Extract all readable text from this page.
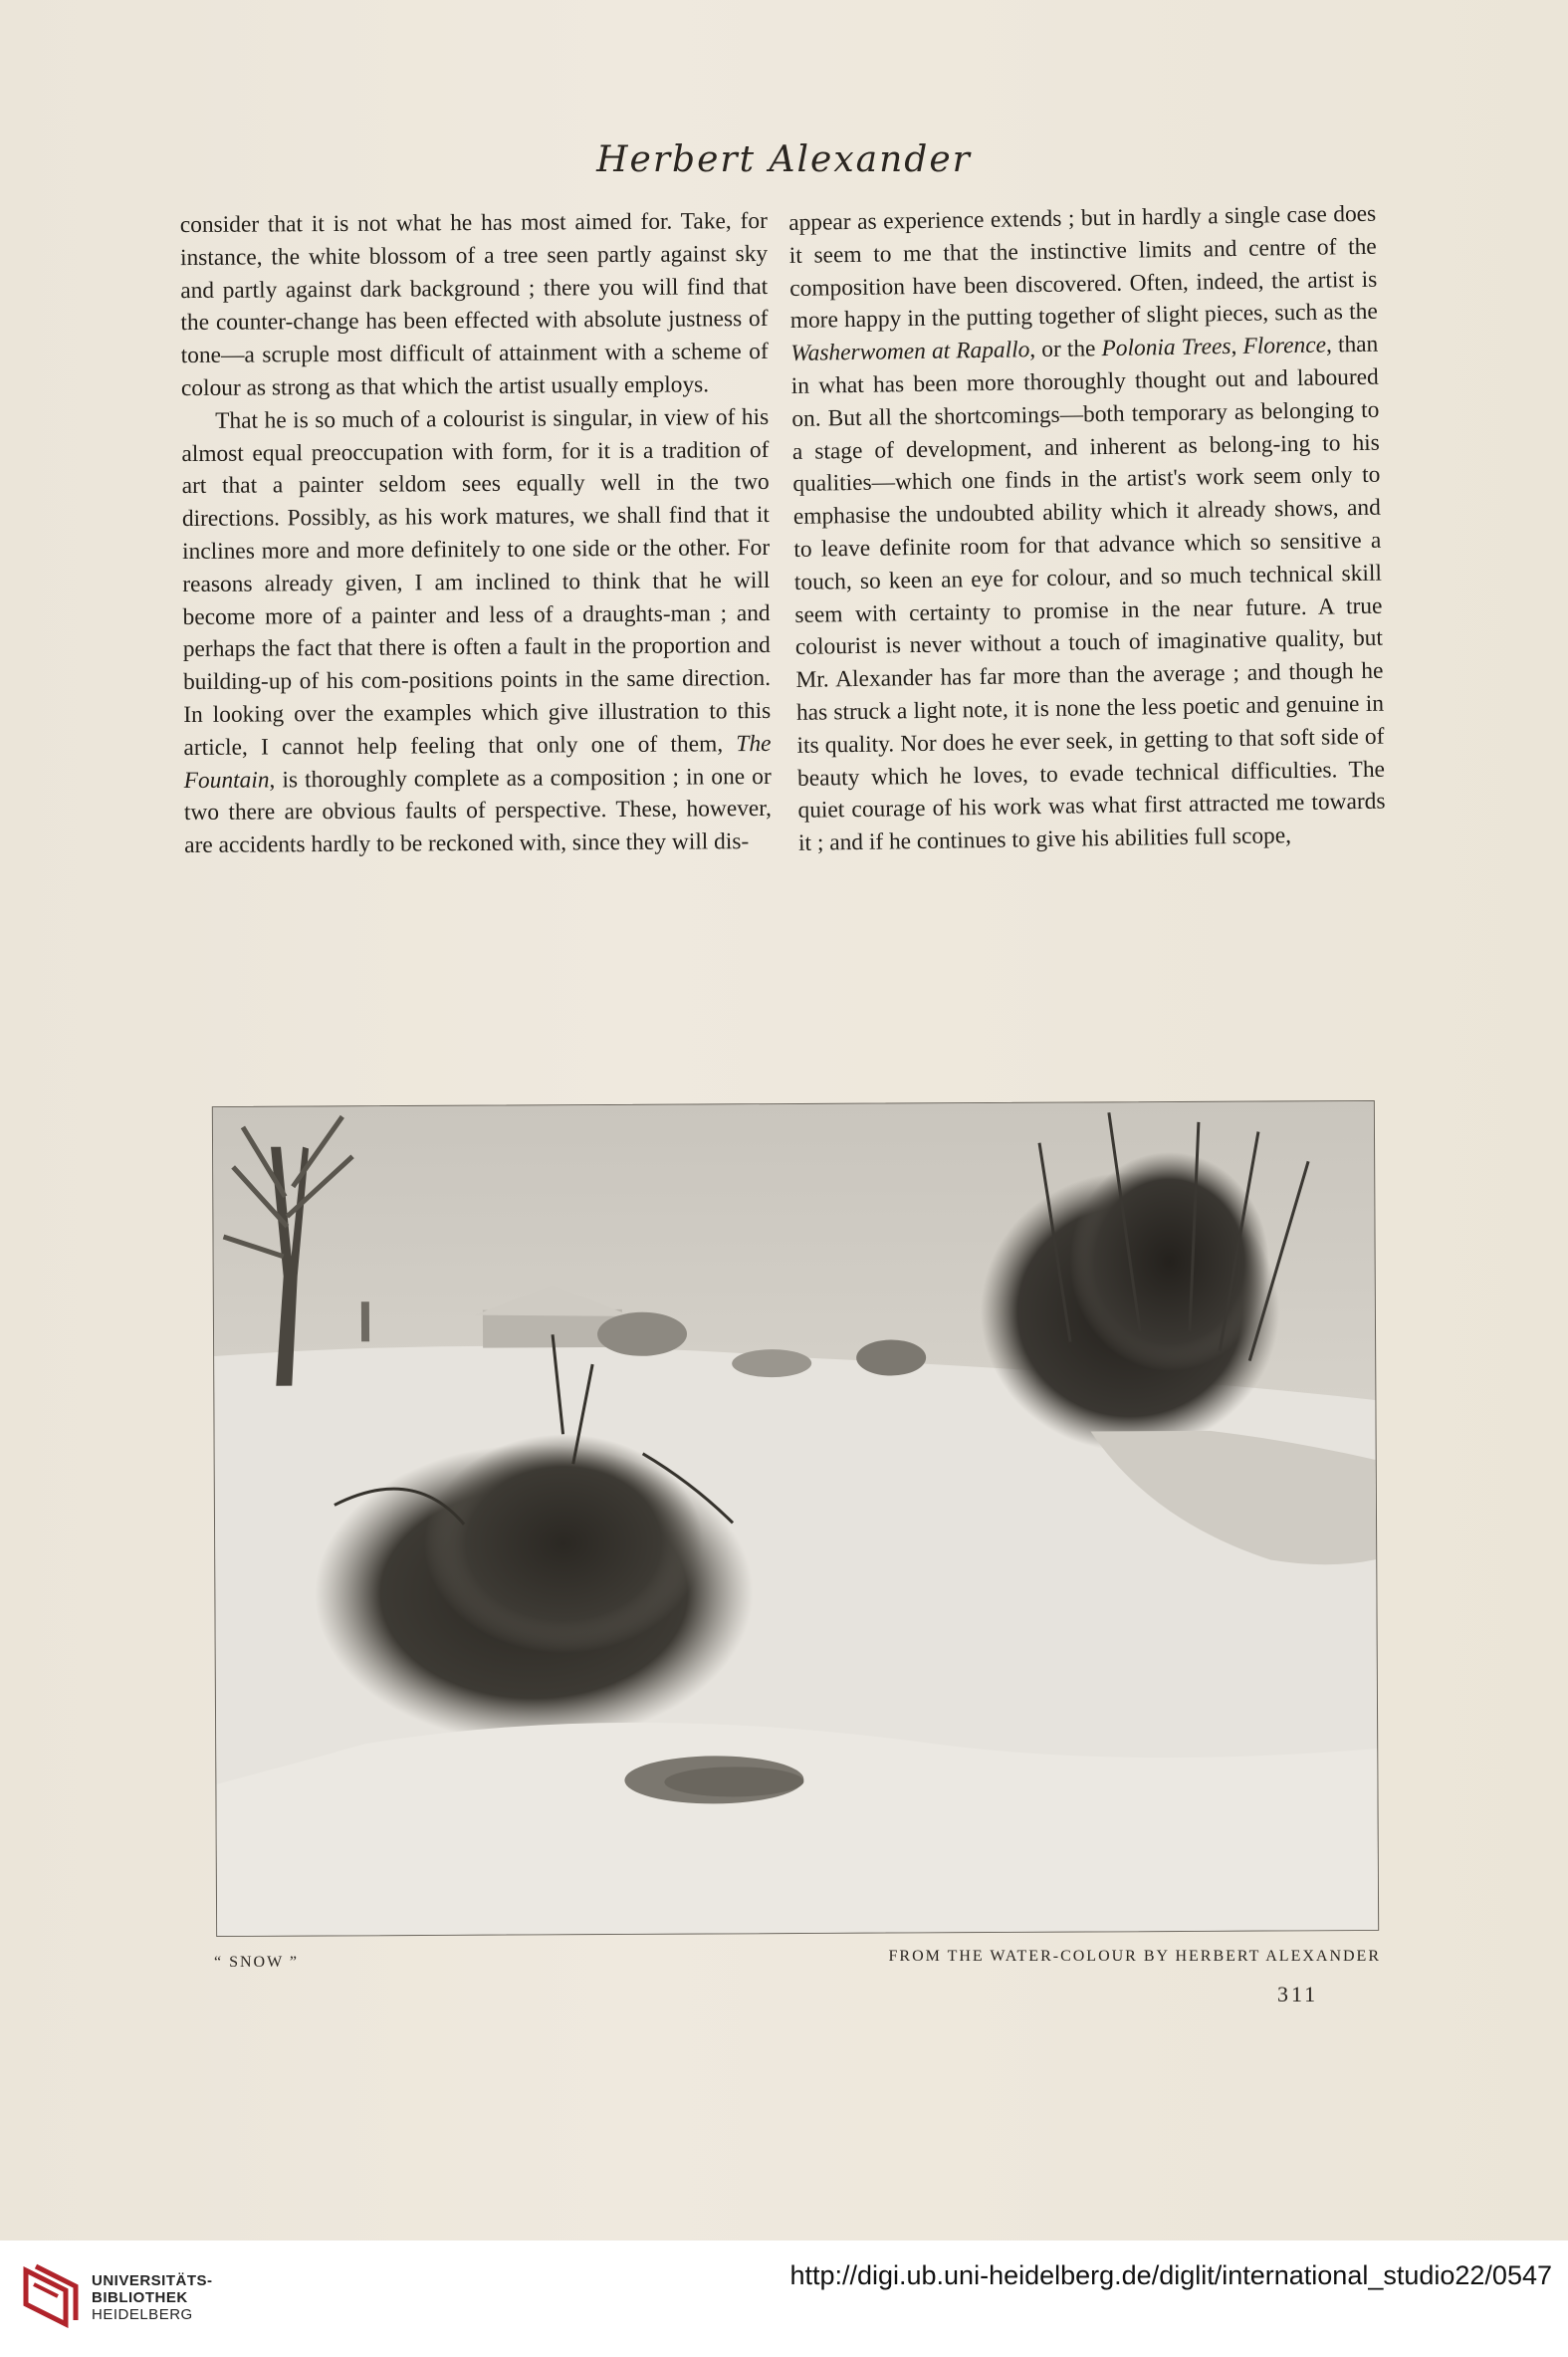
Herbert Alexander

consider that it is not what he has most aimed for. Take, for instance, the white blossom of a tree seen partly against sky and partly against dark background ; there you will find that the counter-change has been effected with absolute justness of tone—a scruple most difficult of attainment with a scheme of colour as strong as that which the artist usually employs.

That he is so much of a colourist is singular, in view of his almost equal preoccupation with form, for it is a tradition of art that a painter seldom sees equally well in the two directions. Possibly, as his work matures, we shall find that it inclines more and more definitely to one side or the other. For reasons already given, I am inclined to think that he will become more of a painter and less of a draughts-man ; and perhaps the fact that there is often a fault in the proportion and building-up of his com-positions points in the same direction. In looking over the examples which give illustration to this article, I cannot help feeling that only one of them, The Fountain, is thoroughly complete as a composition ; in one or two there are obvious faults of perspective. These, however, are accidents hardly to be reckoned with, since they will dis-

appear as experience extends ; but in hardly a single case does it seem to me that the instinctive limits and centre of the composition have been discovered. Often, indeed, the artist is more happy in the putting together of slight pieces, such as the Washerwomen at Rapallo, or the Polonia Trees, Florence, than in what has been more thoroughly thought out and laboured on. But all the shortcomings—both temporary as belonging to a stage of development, and inherent as belong-ing to his qualities—which one finds in the artist's work seem only to emphasise the undoubted ability which it already shows, and to leave definite room for that advance which so sensitive a touch, so keen an eye for colour, and so much technical skill seem with certainty to promise in the near future. A true colourist is never without a touch of imaginative quality, but Mr. Alexander has far more than the average ; and though he has struck a light note, it is none the less poetic and genuine in its quality. Nor does he ever seek, in getting to that soft side of beauty which he loves, to evade technical difficulties. The quiet courage of his work was what first attracted me towards it ; and if he continues to give his abilities full scope,

“ SNOW ”	FROM THE WATER-COLOUR BY HERBERT ALEXANDER
311
UNIVERSITÄTS-
BIBLIOTHEK
HEIDELBERG
http://digi.ub.uni-heidelberg.de/diglit/international_studio22/0547
